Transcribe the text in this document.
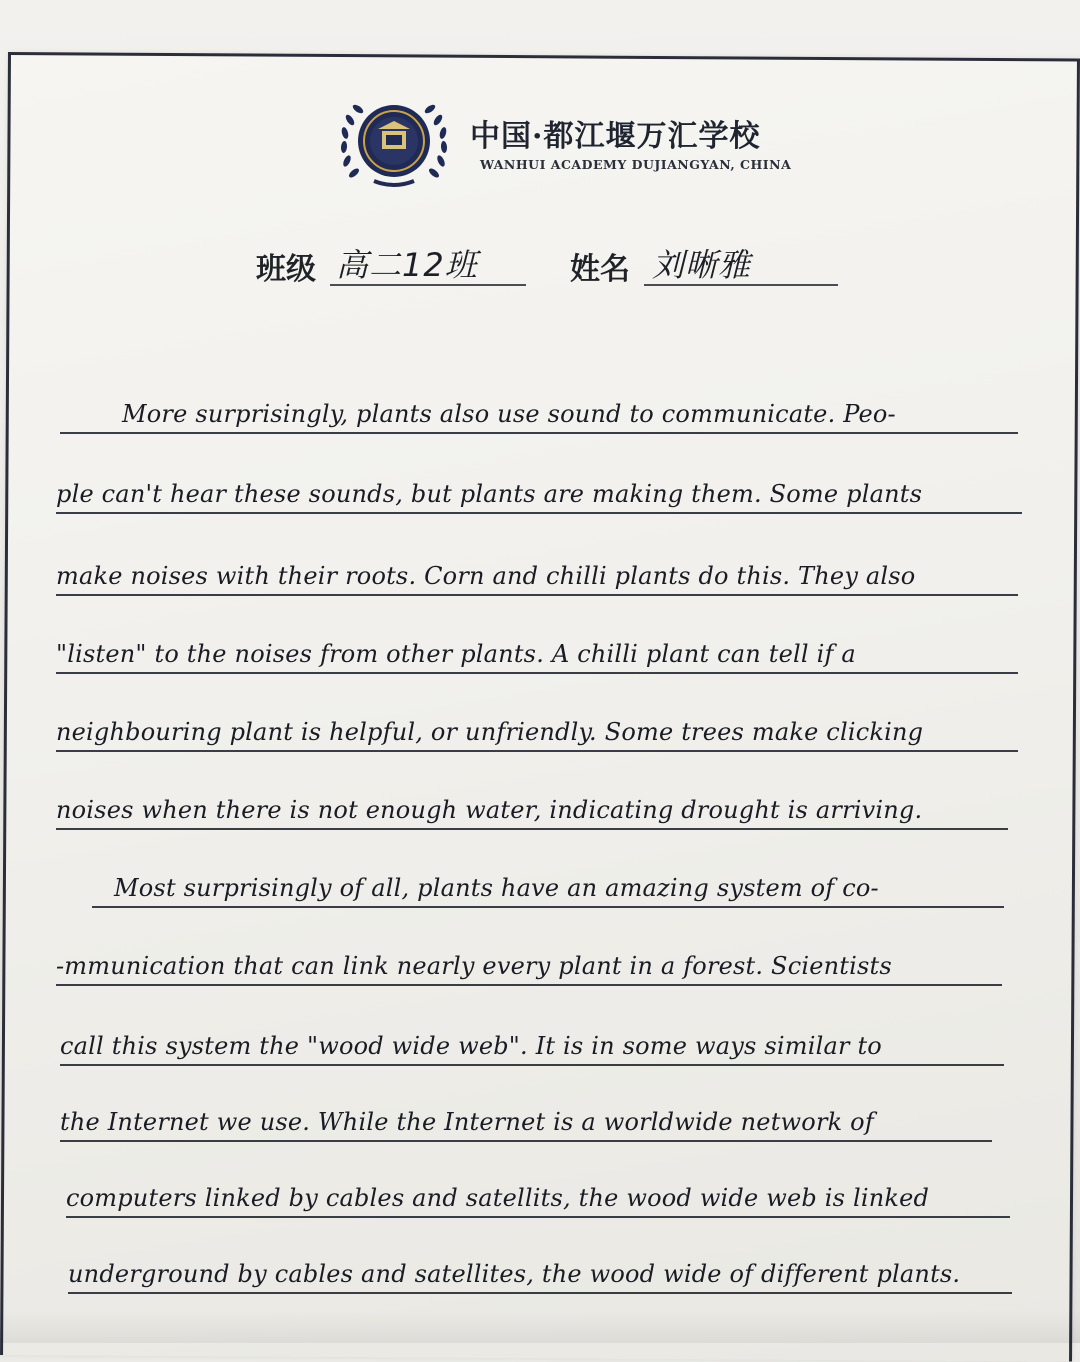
中国·都江堰万汇学校
WANHUI ACADEMY DUJIANGYAN, CHINA
班级 高二12班	姓名 刘晰雅
More surprisingly, plants also use sound to communicate. Peo-
ple can't hear these sounds, but plants are making them. Some plants
make noises with their roots. Corn and chilli plants do this. They also
"listen" to the noises from other plants. A chilli plant can tell if a
neighbouring plant is helpful, or unfriendly. Some trees make clicking
noises when there is not enough water, indicating drought is arriving.
Most surprisingly of all, plants have an amazing system of co-
-mmunication that can link nearly every plant in a forest. Scientists
call this system the "wood wide web". It is in some ways similar to
the Internet we use. While the Internet is a worldwide network of
computers linked by cables and satellits, the wood wide web is linked
underground by cables and satellites, the wood wide of different plants.
